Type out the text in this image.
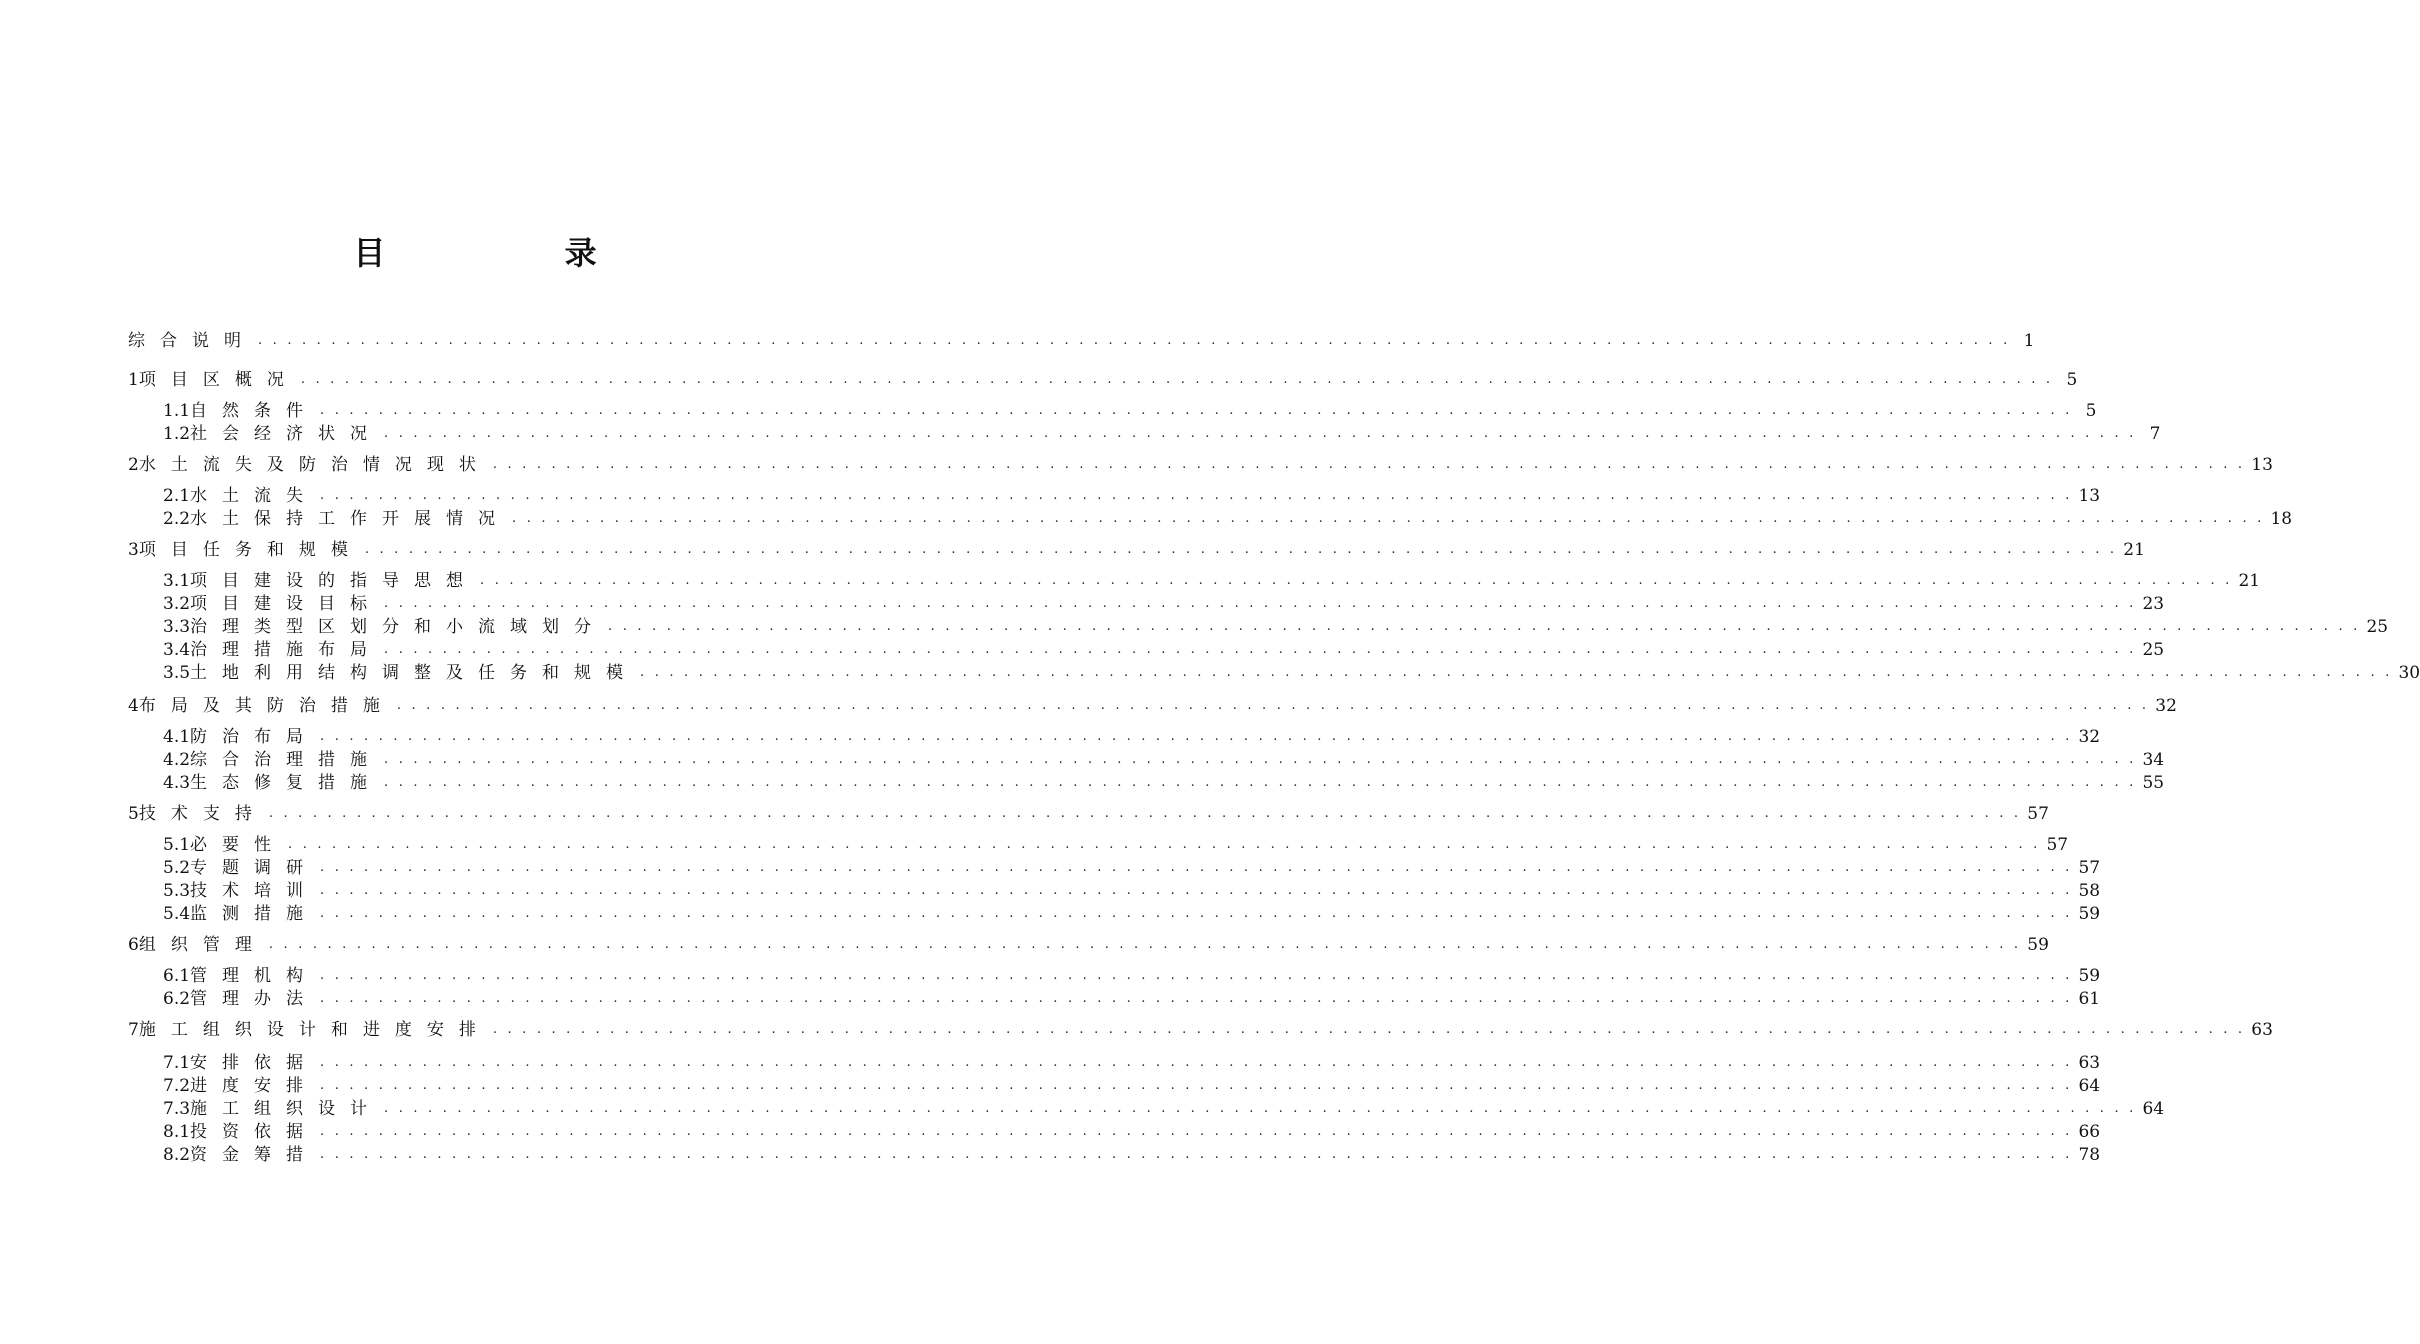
目 录
综合说明 . . . . . . . . . . . . . . . . . . . . . . . . . . . . . . . . . . . . . . . . . . . . . . . . . . . . . . . . . . . . . . . . . . . . . . . . . . . . . . . . . . . . . . . . . . . . . . . . . . . . . . . . . . . . . . . . . . . . . . . . 1
1 项目区概况 . . . . . . . . . . . . . . . . . . . . . . . . . . . . . . . . . . . . . . . . . . . . . . . . . . . . . . . . . . . . . . . . . . . . . . . . . . . . . . . . . . . . . . . . . . . . . . . . . . . . . . . . . . . . . . . . . . . . . . . . 5
1.1 自然条件 . . . . . . . . . . . . . . . . . . . . . . . . . . . . . . . . . . . . . . . . . . . . . . . . . . . . . . . . . . . . . . . . . . . . . . . . . . . . . . . . . . . . . . . . . . . . . . . . . . . . . . . . . . . . . . . . . . . . . . . . 5
1.2 社会经济状况 . . . . . . . . . . . . . . . . . . . . . . . . . . . . . . . . . . . . . . . . . . . . . . . . . . . . . . . . . . . . . . . . . . . . . . . . . . . . . . . . . . . . . . . . . . . . . . . . . . . . . . . . . . . . . . . . . . . . . . . . 7
2 水土流失及防治情况现状 . . . . . . . . . . . . . . . . . . . . . . . . . . . . . . . . . . . . . . . . . . . . . . . . . . . . . . . . . . . . . . . . . . . . . . . . . . . . . . . . . . . . . . . . . . . . . . . . . . . . . . . . . . . . . . . . . . . . . . . . 13
2.1 水土流失 . . . . . . . . . . . . . . . . . . . . . . . . . . . . . . . . . . . . . . . . . . . . . . . . . . . . . . . . . . . . . . . . . . . . . . . . . . . . . . . . . . . . . . . . . . . . . . . . . . . . . . . . . . . . . . . . . . . . . . . . 13
2.2 水土保持工作开展情况 . . . . . . . . . . . . . . . . . . . . . . . . . . . . . . . . . . . . . . . . . . . . . . . . . . . . . . . . . . . . . . . . . . . . . . . . . . . . . . . . . . . . . . . . . . . . . . . . . . . . . . . . . . . . . . . . . . . . . . . . 18
3 项目任务和规模 . . . . . . . . . . . . . . . . . . . . . . . . . . . . . . . . . . . . . . . . . . . . . . . . . . . . . . . . . . . . . . . . . . . . . . . . . . . . . . . . . . . . . . . . . . . . . . . . . . . . . . . . . . . . . . . . . . . . . . . . 21
3.1 项目建设的指导思想 . . . . . . . . . . . . . . . . . . . . . . . . . . . . . . . . . . . . . . . . . . . . . . . . . . . . . . . . . . . . . . . . . . . . . . . . . . . . . . . . . . . . . . . . . . . . . . . . . . . . . . . . . . . . . . . . . . . . . . . . 21
3.2 项目建设目标 . . . . . . . . . . . . . . . . . . . . . . . . . . . . . . . . . . . . . . . . . . . . . . . . . . . . . . . . . . . . . . . . . . . . . . . . . . . . . . . . . . . . . . . . . . . . . . . . . . . . . . . . . . . . . . . . . . . . . . . . 23
3.3 治理类型区划分和小流域划分 . . . . . . . . . . . . . . . . . . . . . . . . . . . . . . . . . . . . . . . . . . . . . . . . . . . . . . . . . . . . . . . . . . . . . . . . . . . . . . . . . . . . . . . . . . . . . . . . . . . . . . . . . . . . . . . . . . . . . . . . 25
3.4 治理措施布局 . . . . . . . . . . . . . . . . . . . . . . . . . . . . . . . . . . . . . . . . . . . . . . . . . . . . . . . . . . . . . . . . . . . . . . . . . . . . . . . . . . . . . . . . . . . . . . . . . . . . . . . . . . . . . . . . . . . . . . . . 25
3.5 土地利用结构调整及任务和规模 . . . . . . . . . . . . . . . . . . . . . . . . . . . . . . . . . . . . . . . . . . . . . . . . . . . . . . . . . . . . . . . . . . . . . . . . . . . . . . . . . . . . . . . . . . . . . . . . . . . . . . . . . . . . . . . . . . . . . . . . 30
4 布局及其防治措施 . . . . . . . . . . . . . . . . . . . . . . . . . . . . . . . . . . . . . . . . . . . . . . . . . . . . . . . . . . . . . . . . . . . . . . . . . . . . . . . . . . . . . . . . . . . . . . . . . . . . . . . . . . . . . . . . . . . . . . . . 32
4.1 防治布局 . . . . . . . . . . . . . . . . . . . . . . . . . . . . . . . . . . . . . . . . . . . . . . . . . . . . . . . . . . . . . . . . . . . . . . . . . . . . . . . . . . . . . . . . . . . . . . . . . . . . . . . . . . . . . . . . . . . . . . . . 32
4.2 综合治理措施 . . . . . . . . . . . . . . . . . . . . . . . . . . . . . . . . . . . . . . . . . . . . . . . . . . . . . . . . . . . . . . . . . . . . . . . . . . . . . . . . . . . . . . . . . . . . . . . . . . . . . . . . . . . . . . . . . . . . . . . . 34
4.3 生态修复措施 . . . . . . . . . . . . . . . . . . . . . . . . . . . . . . . . . . . . . . . . . . . . . . . . . . . . . . . . . . . . . . . . . . . . . . . . . . . . . . . . . . . . . . . . . . . . . . . . . . . . . . . . . . . . . . . . . . . . . . . . 55
5 技术支持 . . . . . . . . . . . . . . . . . . . . . . . . . . . . . . . . . . . . . . . . . . . . . . . . . . . . . . . . . . . . . . . . . . . . . . . . . . . . . . . . . . . . . . . . . . . . . . . . . . . . . . . . . . . . . . . . . . . . . . . . 57
5.1 必要性 . . . . . . . . . . . . . . . . . . . . . . . . . . . . . . . . . . . . . . . . . . . . . . . . . . . . . . . . . . . . . . . . . . . . . . . . . . . . . . . . . . . . . . . . . . . . . . . . . . . . . . . . . . . . . . . . . . . . . . . . 57
5.2 专题调研 . . . . . . . . . . . . . . . . . . . . . . . . . . . . . . . . . . . . . . . . . . . . . . . . . . . . . . . . . . . . . . . . . . . . . . . . . . . . . . . . . . . . . . . . . . . . . . . . . . . . . . . . . . . . . . . . . . . . . . . . 57
5.3 技术培训 . . . . . . . . . . . . . . . . . . . . . . . . . . . . . . . . . . . . . . . . . . . . . . . . . . . . . . . . . . . . . . . . . . . . . . . . . . . . . . . . . . . . . . . . . . . . . . . . . . . . . . . . . . . . . . . . . . . . . . . . 58
5.4 监测措施 . . . . . . . . . . . . . . . . . . . . . . . . . . . . . . . . . . . . . . . . . . . . . . . . . . . . . . . . . . . . . . . . . . . . . . . . . . . . . . . . . . . . . . . . . . . . . . . . . . . . . . . . . . . . . . . . . . . . . . . . 59
6 组织管理 . . . . . . . . . . . . . . . . . . . . . . . . . . . . . . . . . . . . . . . . . . . . . . . . . . . . . . . . . . . . . . . . . . . . . . . . . . . . . . . . . . . . . . . . . . . . . . . . . . . . . . . . . . . . . . . . . . . . . . . . 59
6.1 管理机构 . . . . . . . . . . . . . . . . . . . . . . . . . . . . . . . . . . . . . . . . . . . . . . . . . . . . . . . . . . . . . . . . . . . . . . . . . . . . . . . . . . . . . . . . . . . . . . . . . . . . . . . . . . . . . . . . . . . . . . . . 59
6.2 管理办法 . . . . . . . . . . . . . . . . . . . . . . . . . . . . . . . . . . . . . . . . . . . . . . . . . . . . . . . . . . . . . . . . . . . . . . . . . . . . . . . . . . . . . . . . . . . . . . . . . . . . . . . . . . . . . . . . . . . . . . . . 61
7 施工组织设计和进度安排 . . . . . . . . . . . . . . . . . . . . . . . . . . . . . . . . . . . . . . . . . . . . . . . . . . . . . . . . . . . . . . . . . . . . . . . . . . . . . . . . . . . . . . . . . . . . . . . . . . . . . . . . . . . . . . . . . . . . . . . . 63
7.1 安排依据 . . . . . . . . . . . . . . . . . . . . . . . . . . . . . . . . . . . . . . . . . . . . . . . . . . . . . . . . . . . . . . . . . . . . . . . . . . . . . . . . . . . . . . . . . . . . . . . . . . . . . . . . . . . . . . . . . . . . . . . . 63
7.2 进度安排 . . . . . . . . . . . . . . . . . . . . . . . . . . . . . . . . . . . . . . . . . . . . . . . . . . . . . . . . . . . . . . . . . . . . . . . . . . . . . . . . . . . . . . . . . . . . . . . . . . . . . . . . . . . . . . . . . . . . . . . . 64
7.3 施工组织设计 . . . . . . . . . . . . . . . . . . . . . . . . . . . . . . . . . . . . . . . . . . . . . . . . . . . . . . . . . . . . . . . . . . . . . . . . . . . . . . . . . . . . . . . . . . . . . . . . . . . . . . . . . . . . . . . . . . . . . . . . 64
8.1 投资依据 . . . . . . . . . . . . . . . . . . . . . . . . . . . . . . . . . . . . . . . . . . . . . . . . . . . . . . . . . . . . . . . . . . . . . . . . . . . . . . . . . . . . . . . . . . . . . . . . . . . . . . . . . . . . . . . . . . . . . . . . 66
8.2 资金筹措 . . . . . . . . . . . . . . . . . . . . . . . . . . . . . . . . . . . . . . . . . . . . . . . . . . . . . . . . . . . . . . . . . . . . . . . . . . . . . . . . . . . . . . . . . . . . . . . . . . . . . . . . . . . . . . . . . . . . . . . . 78
